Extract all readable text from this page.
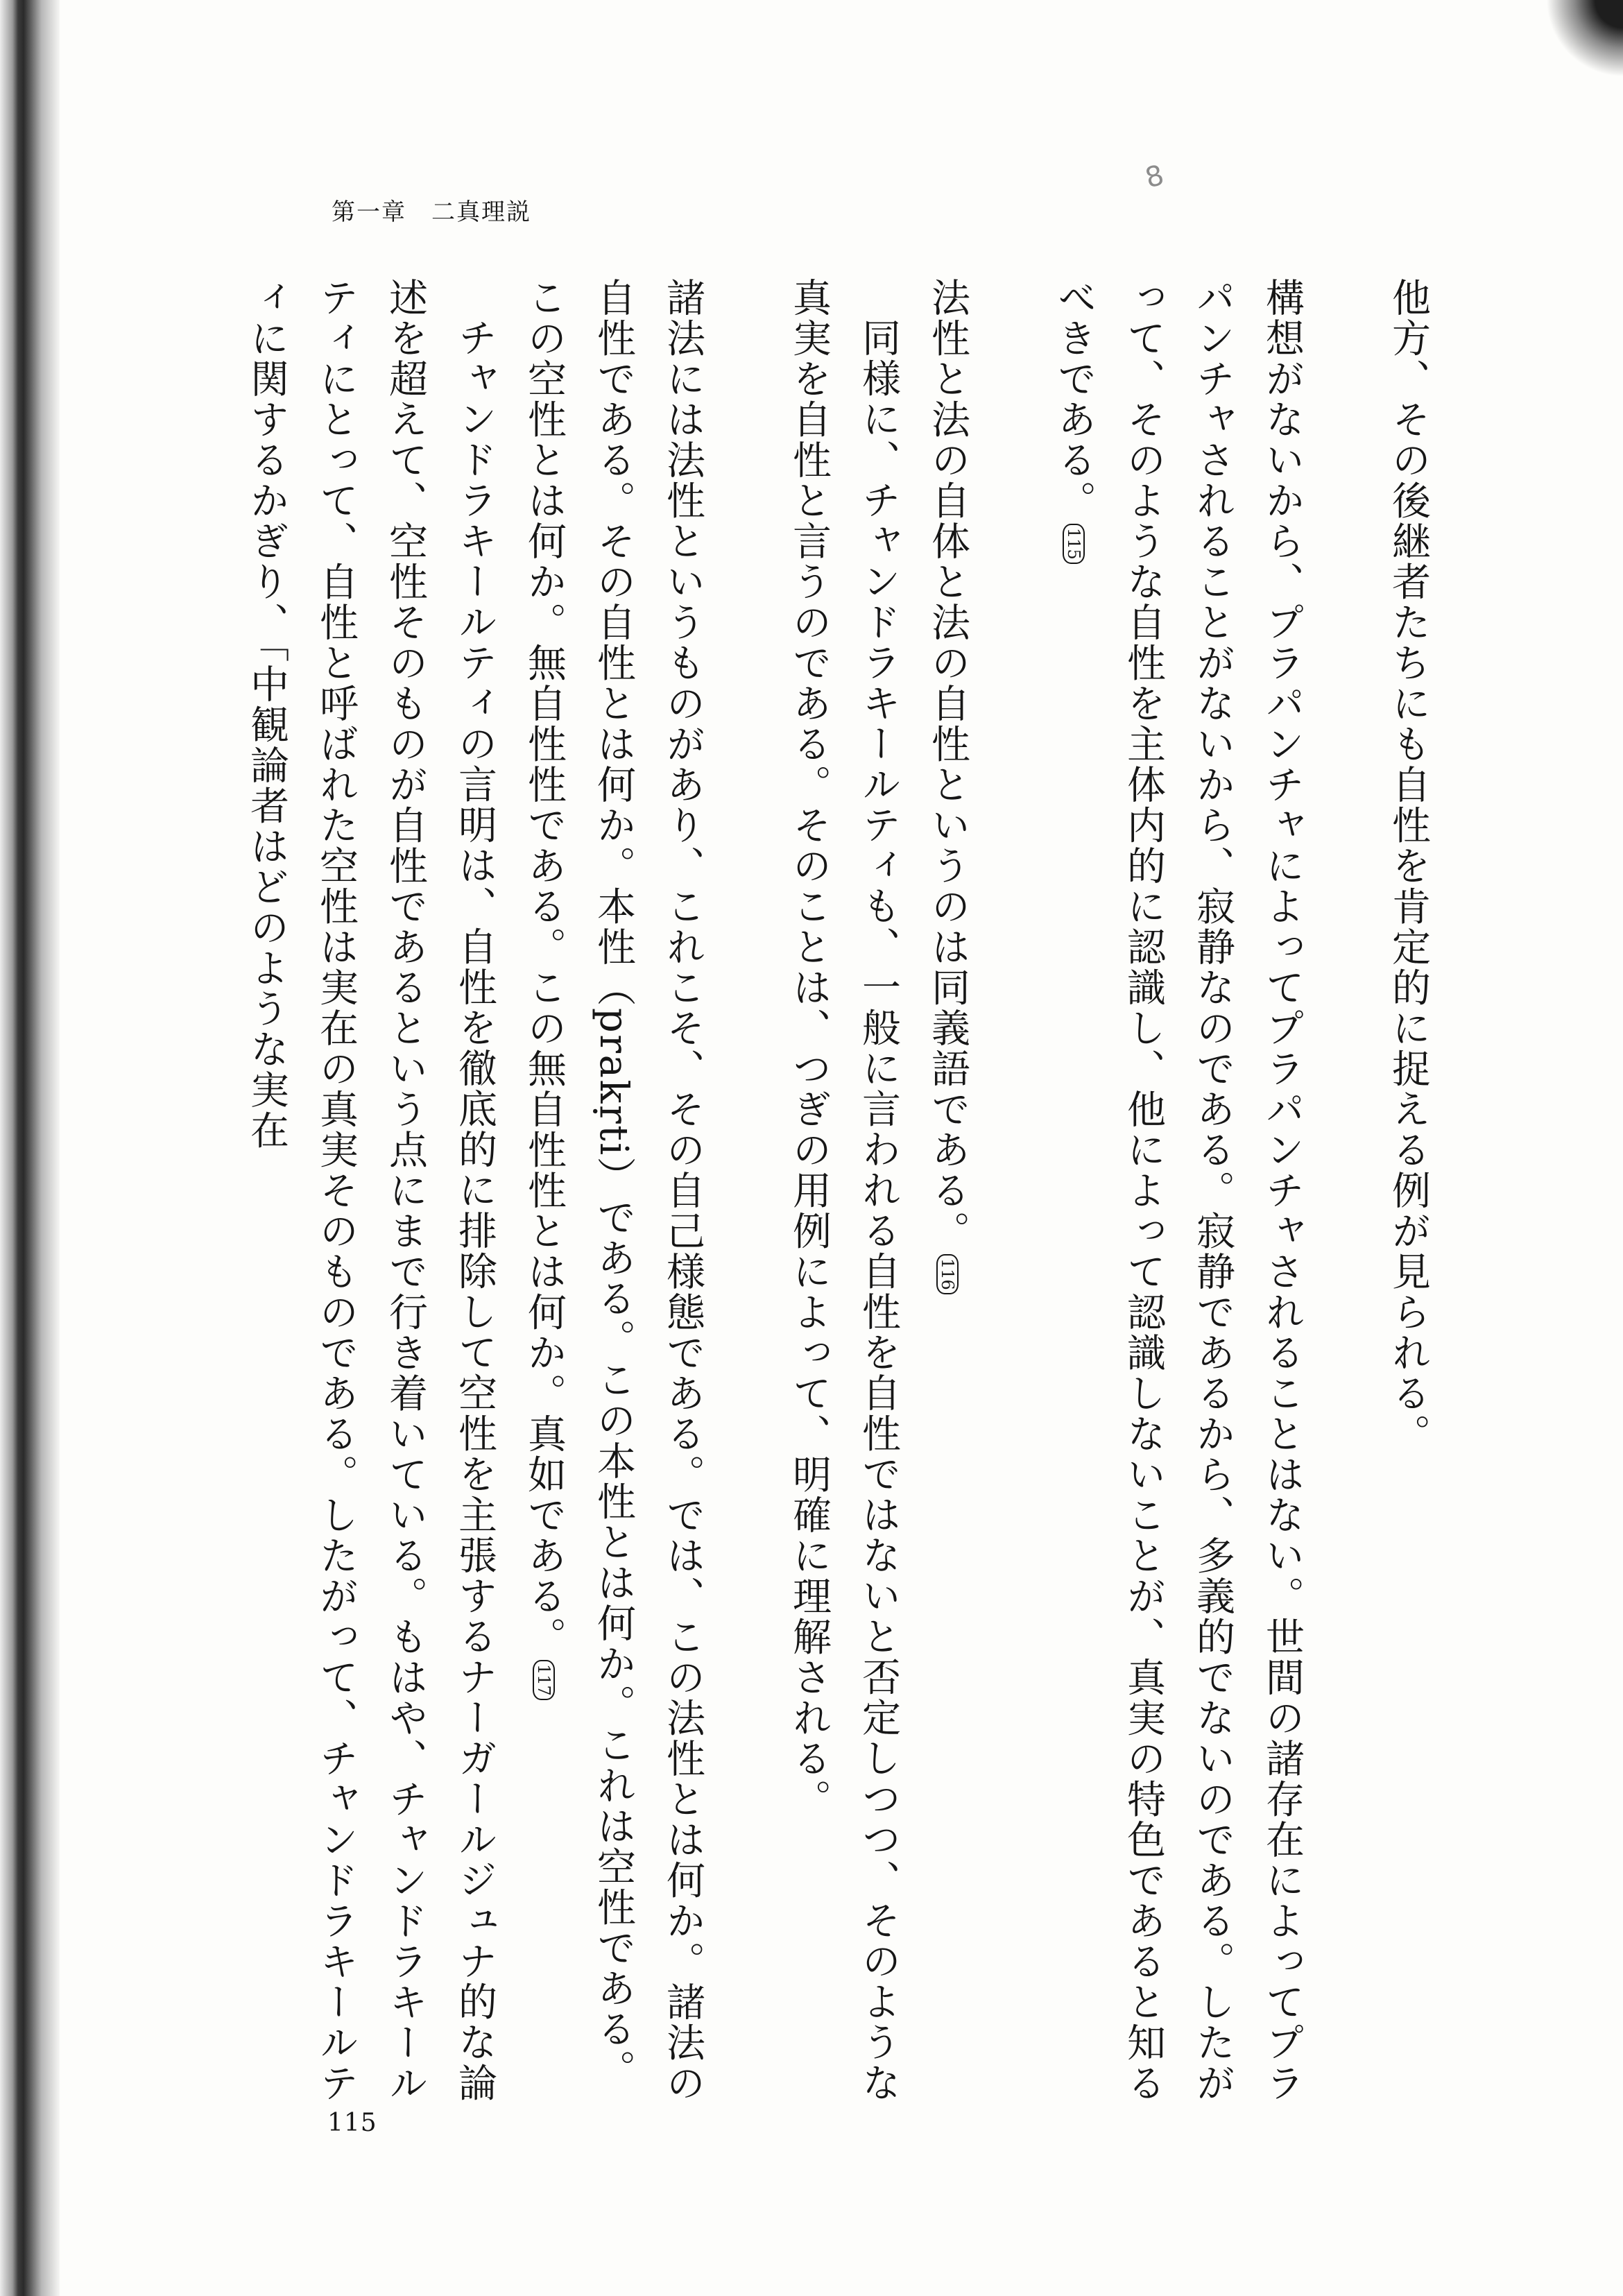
第一章　二真理説
8

他方、その後継者たちにも自性を肯定的に捉える例が見られる。

構想がないから、プラパンチャによってプラパンチャされることはない。世間の諸存在によってプラパンチャされることがないから、寂静なのである。寂静であるから、多義的でないのである。したがって、そのような自性を主体内的に認識し、他によって認識しないことが、真実の特色であると知るべきである。115

法性と法の自体と法の自性というのは同義語である。116

同様に、チャンドラキールティも、一般に言われる自性を自性ではないと否定しつつ、そのような真実を自性と言うのである。そのことは、つぎの用例によって、明確に理解される。

諸法には法性というものがあり、これこそ、その自己様態である。では、この法性とは何か。諸法の自性である。その自性とは何か。本性（prakṛti）である。この本性とは何か。これは空性である。この空性とは何か。無自性性である。この無自性性とは何か。真如である。117

チャンドラキールティの言明は、自性を徹底的に排除して空性を主張するナーガールジュナ的な論述を超えて、空性そのものが自性であるという点にまで行き着いている。もはや、チャンドラキールティにとって、自性と呼ばれた空性は実在の真実そのものである。したがって、チャンドラキールティに関するかぎり、「中観論者はどのような実在

115
